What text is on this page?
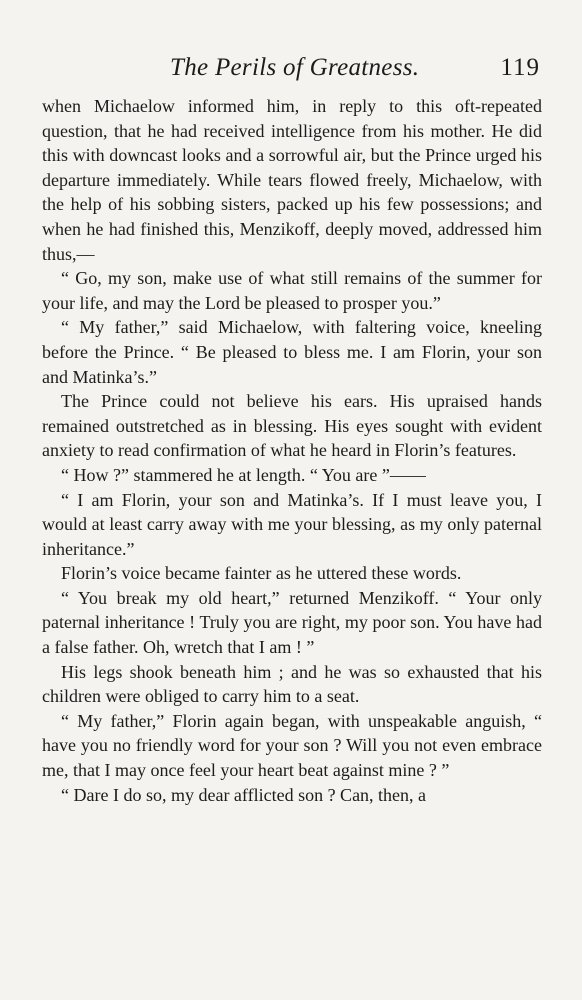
The Perils of Greatness.	119

when Michaelow informed him, in reply to this oft-repeated question, that he had received intelligence from his mother. He did this with downcast looks and a sorrowful air, but the Prince urged his departure immediately. While tears flowed freely, Michaelow, with the help of his sobbing sisters, packed up his few possessions; and when he had finished this, Menzikoff, deeply moved, addressed him thus,—

“ Go, my son, make use of what still remains of the summer for your life, and may the Lord be pleased to prosper you.”

“ My father,” said Michaelow, with faltering voice, kneeling before the Prince. “ Be pleased to bless me. I am Florin, your son and Matinka’s.”

The Prince could not believe his ears. His upraised hands remained outstretched as in blessing. His eyes sought with evident anxiety to read confirmation of what he heard in Florin’s features.

“ How ?” stammered he at length. “ You are ”——

“ I am Florin, your son and Matinka’s. If I must leave you, I would at least carry away with me your blessing, as my only paternal inheritance.”

Florin’s voice became fainter as he uttered these words.

“ You break my old heart,” returned Menzikoff. “ Your only paternal inheritance ! Truly you are right, my poor son. You have had a false father. Oh, wretch that I am ! ”

His legs shook beneath him ; and he was so exhausted that his children were obliged to carry him to a seat.

“ My father,” Florin again began, with unspeakable anguish, “ have you no friendly word for your son ? Will you not even embrace me, that I may once feel your heart beat against mine ? ”

“ Dare I do so, my dear afflicted son ? Can, then, a
